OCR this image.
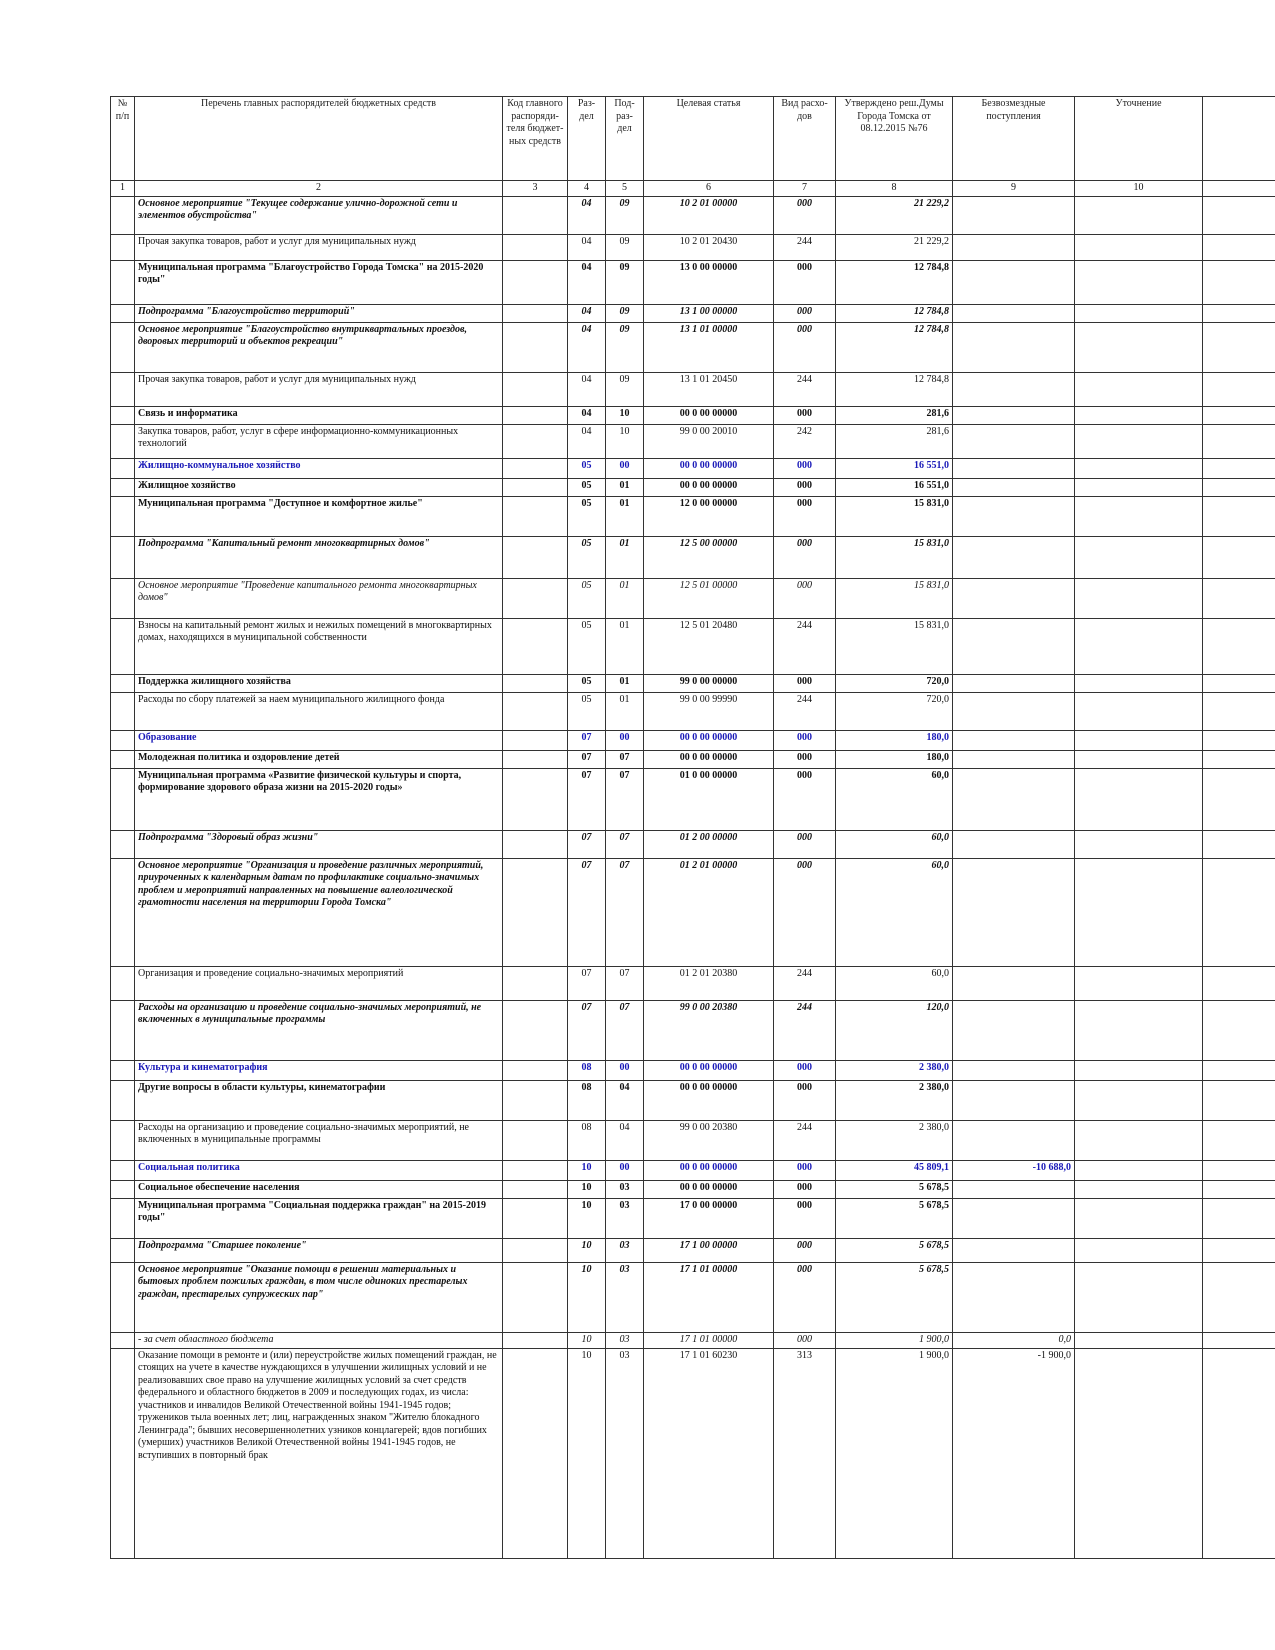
№ п/п	Перечень главных распорядителей бюджетных средств	Код главного распоряди-теля бюджет-ных средств	Раз-дел	Под-раз-дел	Целевая статья	Вид расхо-дов	Утверждено реш.Думы Города Томска от 08.12.2015 №76	Безвозмездные поступления	Уточнение	
1	2	3	4	5	6	7	8	9	10	
	Основное мероприятие "Текущее содержание улично-дорожной сети и элементов обустройства"		04	09	10 2 01 00000	000	21 229,2			
	Прочая закупка товаров, работ и услуг для муниципальных нужд		04	09	10 2 01 20430	244	21 229,2			
	Муниципальная программа "Благоустройство Города Томска" на 2015-2020 годы"		04	09	13 0 00 00000	000	12 784,8			
	Подпрограмма "Благоустройство территорий"		04	09	13 1 00 00000	000	12 784,8			
	Основное мероприятие "Благоустройство внутриквартальных проездов, дворовых территорий и объектов рекреации"		04	09	13 1 01 00000	000	12 784,8			
	Прочая закупка товаров, работ и услуг для муниципальных нужд		04	09	13 1 01 20450	244	12 784,8			
	Связь и информатика		04	10	00 0 00 00000	000	281,6			
	Закупка товаров, работ, услуг в сфере информационно-коммуникационных технологий		04	10	99 0 00 20010	242	281,6			
	Жилищно-коммунальное хозяйство		05	00	00 0 00 00000	000	16 551,0			
	Жилищное хозяйство		05	01	00 0 00 00000	000	16 551,0			
	Муниципальная программа "Доступное и комфортное жилье"		05	01	12 0 00 00000	000	15 831,0			
	Подпрограмма "Капитальный ремонт многоквартирных домов"		05	01	12 5 00 00000	000	15 831,0			
	Основное мероприятие "Проведение капитального ремонта многоквартирных домов"		05	01	12 5 01 00000	000	15 831,0			
	Взносы на капитальный ремонт жилых и нежилых помещений в многоквартирных домах, находящихся в муниципальной собственности		05	01	12 5 01 20480	244	15 831,0			
	Поддержка жилищного хозяйства		05	01	99 0 00 00000	000	720,0			
	Расходы по сбору платежей за наем муниципального жилищного фонда		05	01	99 0 00 99990	244	720,0			
	Образование		07	00	00 0 00 00000	000	180,0			
	Молодежная политика и оздоровление детей		07	07	00 0 00 00000	000	180,0			
	Муниципальная программа «Развитие физической культуры и спорта, формирование здорового образа жизни на 2015-2020 годы»		07	07	01 0 00 00000	000	60,0			
	Подпрограмма "Здоровый образ жизни"		07	07	01 2 00 00000	000	60,0			
	Основное мероприятие "Организация и проведение различных мероприятий, приуроченных к календарным датам по профилактике социально-значимых проблем и мероприятий направленных на повышение валеологической грамотности населения на территории Города Томска"		07	07	01 2 01 00000	000	60,0			
	Организация и проведение социально-значимых мероприятий		07	07	01 2 01 20380	244	60,0			
	Расходы на организацию и проведение социально-значимых мероприятий, не включенных в муниципальные программы		07	07	99 0 00 20380	244	120,0			
	Культура и кинематография		08	00	00 0 00 00000	000	2 380,0			
	Другие вопросы в области культуры, кинематографии		08	04	00 0 00 00000	000	2 380,0			
	Расходы на организацию и проведение социально-значимых мероприятий, не включенных в муниципальные программы		08	04	99 0 00 20380	244	2 380,0			
	Социальная политика		10	00	00 0 00 00000	000	45 809,1	-10 688,0		
	Социальное обеспечение населения		10	03	00 0 00 00000	000	5 678,5			
	Муниципальная программа "Социальная поддержка граждан" на 2015-2019 годы"		10	03	17 0 00 00000	000	5 678,5			
	Подпрограмма "Старшее поколение"		10	03	17 1 00 00000	000	5 678,5			
	Основное мероприятие "Оказание помощи в решении материальных и бытовых проблем пожилых граждан, в том числе одиноких престарелых граждан, престарелых супружеских пар"		10	03	17 1 01 00000	000	5 678,5			
	- за счет областного бюджета		10	03	17 1 01 00000	000	1 900,0	0,0		
	Оказание помощи в ремонте и (или) переустройстве жилых помещений граждан, не стоящих на учете в качестве нуждающихся в улучшении жилищных условий и не реализовавших свое право на улучшение жилищных условий за счет средств федерального и областного бюджетов в 2009 и последующих годах, из числа: участников и инвалидов Великой Отечественной войны 1941-1945 годов; тружеников тыла военных лет; лиц, награжденных знаком "Жителю блокадного Ленинграда"; бывших несовершеннолетних узников концлагерей; вдов погибших (умерших) участников Великой Отечественной войны 1941-1945 годов, не вступивших в повторный брак		10	03	17 1 01 60230	313	1 900,0	-1 900,0		
